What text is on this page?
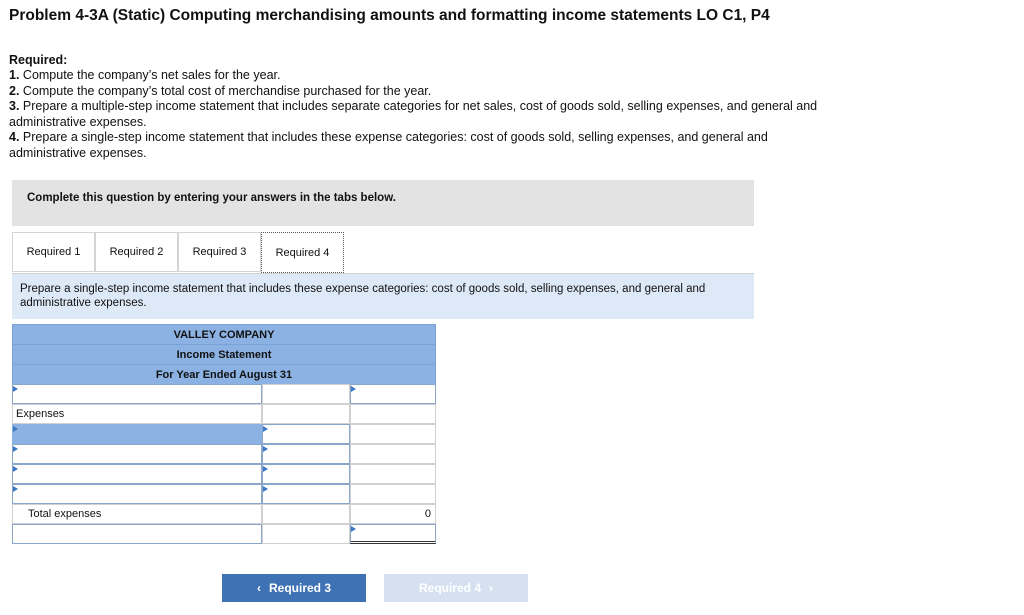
Problem 4-3A (Static) Computing merchandising amounts and formatting income statements LO C1, P4
Required:
1. Compute the company’s net sales for the year.
2. Compute the company’s total cost of merchandise purchased for the year.
3. Prepare a multiple-step income statement that includes separate categories for net sales, cost of goods sold, selling expenses, and general and administrative expenses.
4. Prepare a single-step income statement that includes these expense categories: cost of goods sold, selling expenses, and general and administrative expenses.
Complete this question by entering your answers in the tabs below.
Required 1	Required 2	Required 3	Required 4
Prepare a single-step income statement that includes these expense categories: cost of goods sold, selling expenses, and general and administrative expenses.
VALLEY COMPANY
Income Statement
For Year Ended August 31
Expenses
Total expenses	0
‹ Required 3	Required 4 ›
